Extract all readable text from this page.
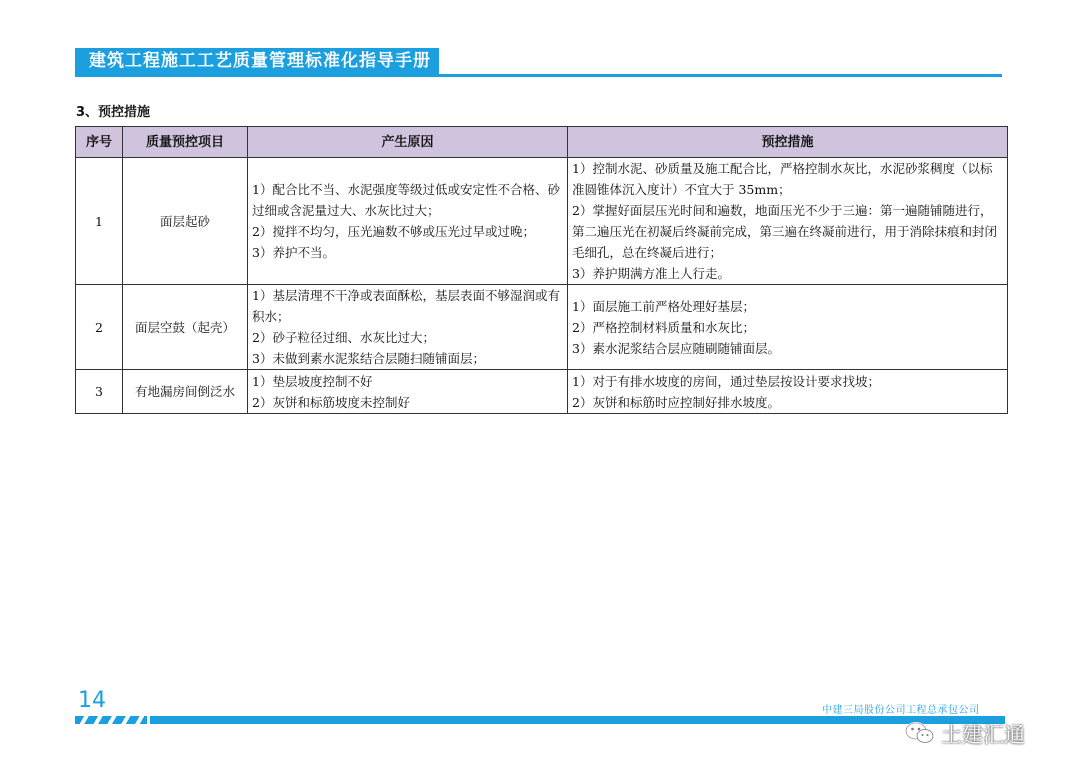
建筑工程施工工艺质量管理标准化指导手册
3、预控措施
序号	质量预控项目	产生原因	预控措施
1	面层起砂	1）配合比不当、水泥强度等级过低或安定性不合格、砂过细或含泥量过大、水灰比过大；
2）搅拌不均匀，压光遍数不够或压光过早或过晚；
3）养护不当。	1）控制水泥、砂质量及施工配合比，严格控制水灰比，水泥砂浆稠度（以标准圆锥体沉入度计）不宜大于 35mm；
2）掌握好面层压光时间和遍数，地面压光不少于三遍：第一遍随铺随进行，第二遍压光在初凝后终凝前完成，第三遍在终凝前进行，用于消除抹痕和封闭毛细孔，总在终凝后进行；
3）养护期满方准上人行走。

2	面层空鼓（起壳）	1）基层清理不干净或表面酥松，基层表面不够湿润或有积水；
2）砂子粒径过细、水灰比过大；
3）未做到素水泥浆结合层随扫随铺面层；	1）面层施工前严格处理好基层；
2）严格控制材料质量和水灰比；
3）素水泥浆结合层应随刷随铺面层。

3	有地漏房间倒泛水	1）垫层坡度控制不好
2）灰饼和标筋坡度未控制好	1）对于有排水坡度的房间，通过垫层按设计要求找坡；
2）灰饼和标筋时应控制好排水坡度。
14	中建三局股份公司工程总承包公司
土建汇通
